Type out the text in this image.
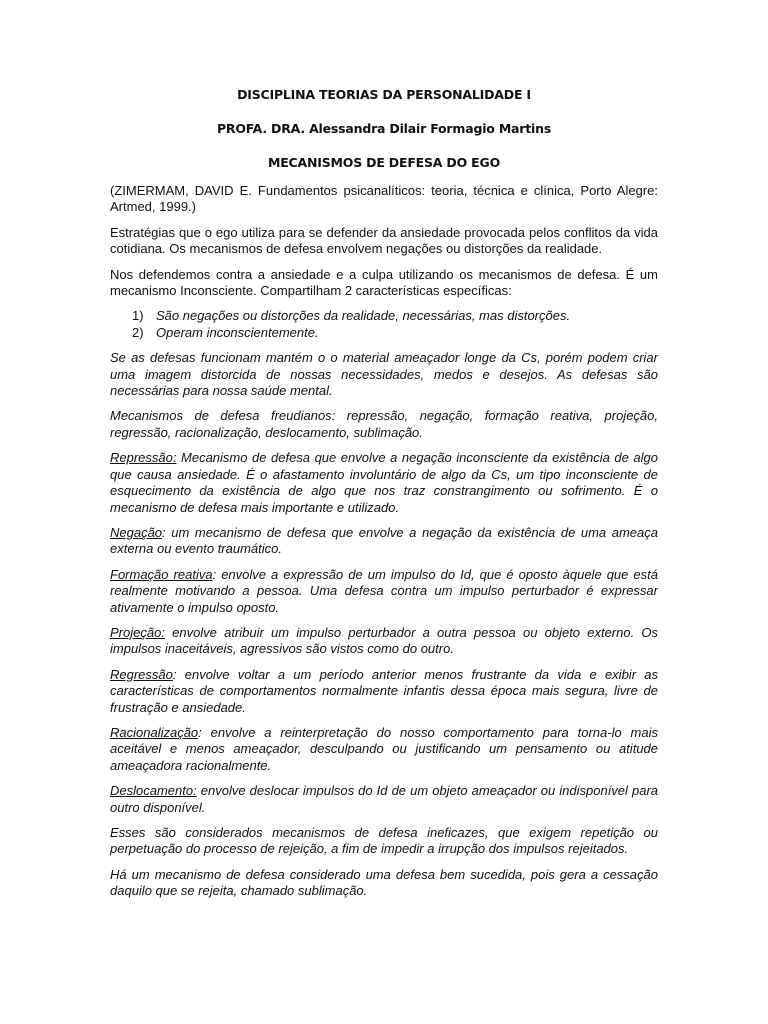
DISCIPLINA TEORIAS DA PERSONALIDADE I
PROFA. DRA. Alessandra Dilair Formagio Martins
MECANISMOS DE DEFESA DO EGO

(ZIMERMAM, DAVID E. Fundamentos psicanalíticos: teoria, técnica e clínica, Porto Alegre: Artmed, 1999.)

Estratégias que o ego utiliza para se defender da ansiedade provocada pelos conflitos da vida cotidiana. Os mecanismos de defesa envolvem negações ou distorções da realidade.

Nos defendemos contra a ansiedade e a culpa utilizando os mecanismos de defesa. É um mecanismo Inconsciente. Compartilham 2 características específicas:

1) São negações ou distorções da realidade, necessárias, mas distorções.
2) Operam inconscientemente.

Se as defesas funcionam mantém o o material ameaçador longe da Cs, porém podem criar uma imagem distorcida de nossas necessidades, medos e desejos. As defesas são necessárias para nossa saúde mental.

Mecanismos de defesa freudianos: repressão, negação, formação reativa, projeção, regressão, racionalização, deslocamento, sublimação.

Repressão: Mecanismo de defesa que envolve a negação inconsciente da existência de algo que causa ansiedade. É o afastamento involuntário de algo da Cs, um tipo inconsciente de esquecimento da existência de algo que nos traz constrangimento ou sofrimento. É o mecanismo de defesa mais importante e utilizado.

Negação: um mecanismo de defesa que envolve a negação da existência de uma ameaça externa ou evento traumático.

Formação reativa: envolve a expressão de um impulso do Id, que é oposto àquele que está realmente motivando a pessoa. Uma defesa contra um impulso perturbador é expressar ativamente o impulso oposto.

Projeção: envolve atribuir um impulso perturbador a outra pessoa ou objeto externo. Os impulsos inaceitáveis, agressivos são vistos como do outro.

Regressão: envolve voltar a um período anterior menos frustrante da vida e exibir as características de comportamentos normalmente infantis dessa época mais segura, livre de frustração e ansiedade.

Racionalização: envolve a reinterpretação do nosso comportamento para torna-lo mais aceitável e menos ameaçador, desculpando ou justificando um pensamento ou atitude ameaçadora racionalmente.

Deslocamento: envolve deslocar impulsos do Id de um objeto ameaçador ou indisponível para outro disponível.

Esses são considerados mecanismos de defesa ineficazes, que exigem repetição ou perpetuação do processo de rejeição, a fim de impedir a irrupção dos impulsos rejeitados.

Há um mecanismo de defesa considerado uma defesa bem sucedida, pois gera a cessação daquilo que se rejeita, chamado sublimação.
